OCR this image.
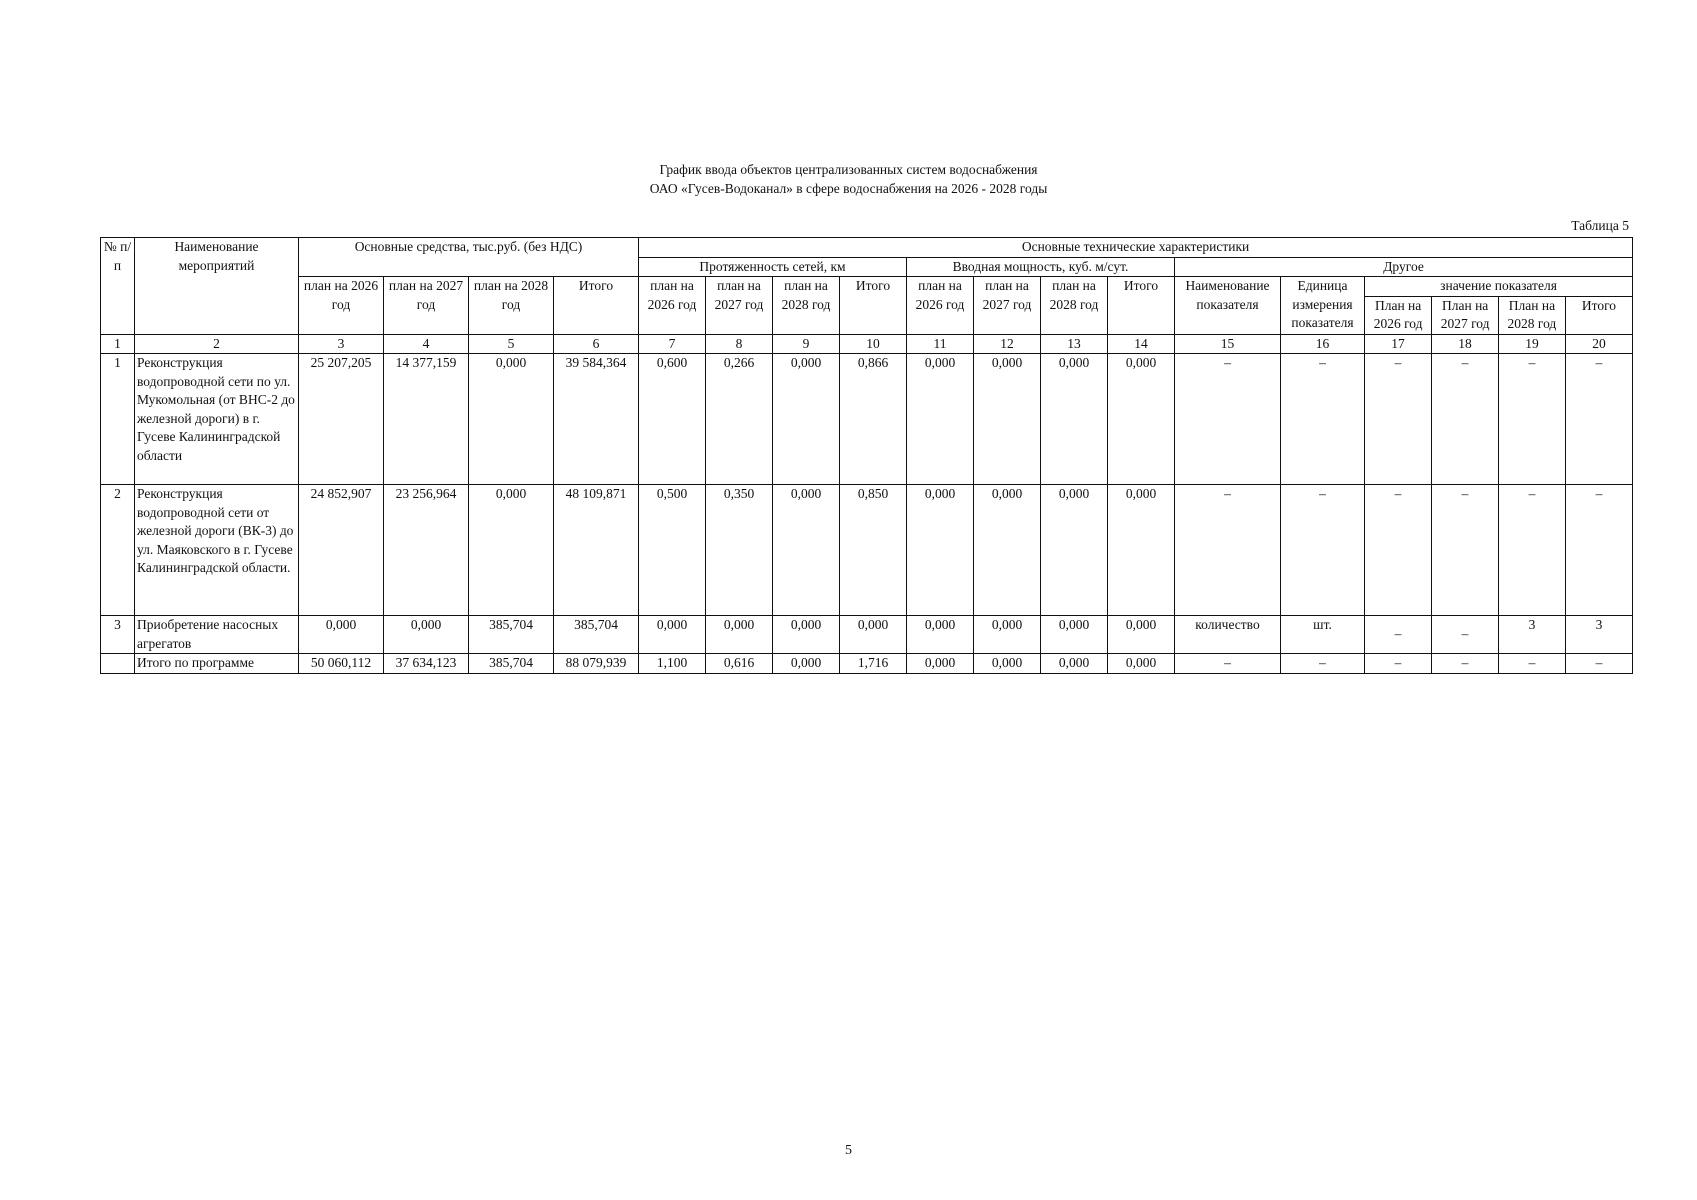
График ввода объектов централизованных систем водоснабжения
ОАО «Гусев-Водоканал» в сфере водоснабжения на 2026 - 2028 годы
Таблица 5
№ п/п	Наименование мероприятий	Основные средства, тыс.руб. (без НДС)	Основные технические характеристики
Протяженность сетей, км	Вводная мощность, куб. м/сут.	Другое
план на 2026 год	план на 2027 год	план на 2028 год	Итого	план на 2026 год	план на 2027 год	план на 2028 год	Итого	план на 2026 год	план на 2027 год	план на 2028 год	Итого	Наименование показателя	Единица измерения показателя	
значение показателя
План на 2026 год	План на 2027 год	План на 2028 год	Итого

1	2	3	4	5	6	7	8	9	10	11	12	13	14	15	16	17	18	19	20
1	Реконструкция водопроводной сети по ул. Мукомольная (от ВНС-2 до железной дороги) в г. Гусеве Калининградской области	25 207,205	14 377,159	0,000	39 584,364	0,600	0,266	0,000	0,866	0,000	0,000	0,000	0,000	–	–	–	–	–	–
2	Реконструкция водопроводной сети от железной дороги (ВК-3) до ул. Маяковского в г. Гусеве Калининградской области.	24 852,907	23 256,964	0,000	48 109,871	0,500	0,350	0,000	0,850	0,000	0,000	0,000	0,000	–	–	–	–	–	–
3	Приобретение насосных агрегатов	0,000	0,000	385,704	385,704	0,000	0,000	0,000	0,000	0,000	0,000	0,000	0,000	количество	шт.	–	–	3	3
	Итого по программе	50 060,112	37 634,123	385,704	88 079,939	1,100	0,616	0,000	1,716	0,000	0,000	0,000	0,000	–	–	–	–	–	–
5
